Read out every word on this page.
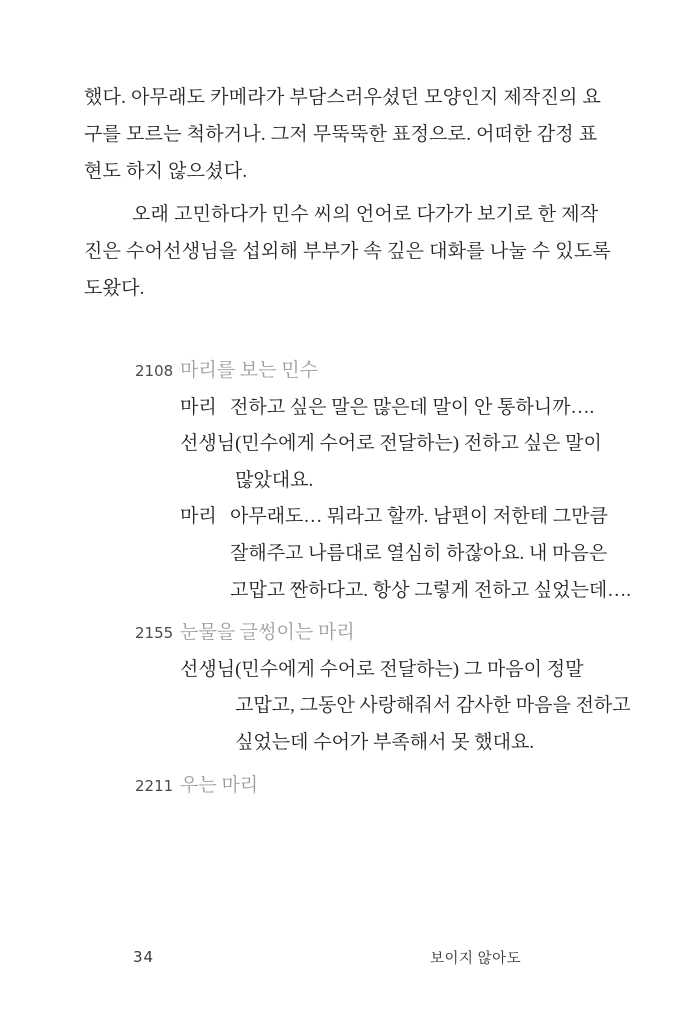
했다. 아무래도 카메라가 부담스러우셨던 모양인지 제작진의 요
구를 모르는 척하거나. 그저 무뚝뚝한 표정으로. 어떠한 감정 표
현도 하지 않으셨다.
오래 고민하다가 민수 씨의 언어로 다가가 보기로 한 제작
진은 수어선생님을 섭외해 부부가 속 깊은 대화를 나눌 수 있도록
도왔다.
2108 마리를 보는 민수
마리 전하고 싶은 말은 많은데 말이 안 통하니까….
선생님 (민수에게 수어로 전달하는) 전하고 싶은 말이
많았대요.
마리 아무래도… 뭐라고 할까. 남편이 저한테 그만큼
잘해주고 나름대로 열심히 하잖아요. 내 마음은
고맙고 짠하다고. 항상 그렇게 전하고 싶었는데….
2155 눈물을 글썽이는 마리
선생님 (민수에게 수어로 전달하는) 그 마음이 정말
고맙고, 그동안 사랑해줘서 감사한 마음을 전하고
싶었는데 수어가 부족해서 못 했대요.
2211 우는 마리
34	보이지 않아도
